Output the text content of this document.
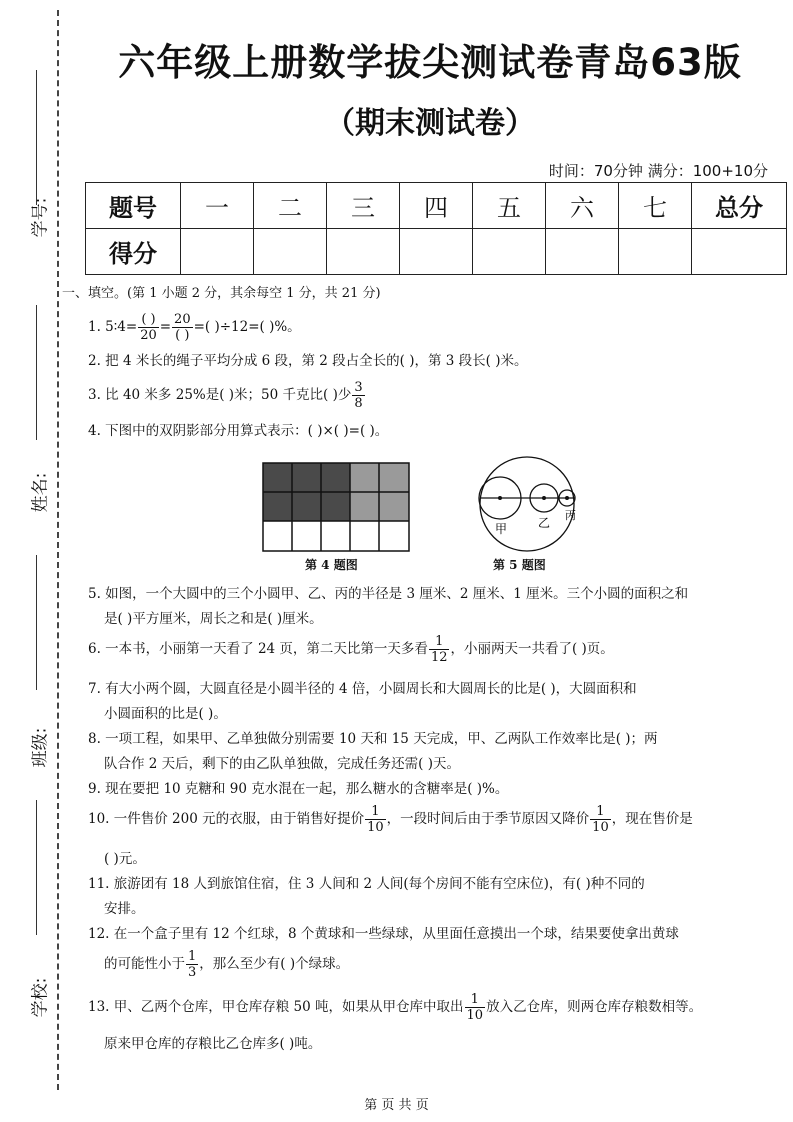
学号:
姓名:
班级:
学校:
六年级上册数学拔尖测试卷青岛63版
（期末测试卷）
时间：70分钟 满分：100+10分
题号	一	二	三	四	五	六	七	总分
得分								
一、填空。(第 1 小题 2 分，其余每空 1 分，共 21 分)
1. 5∶4= $\frac{( )}{20} = \frac{20}{( )}$ =( )÷12=( )%。
2. 把 4 米长的绳子平均分成 6 段，第 2 段占全长的( )，第 3 段长( )米。
3. 比 40 米多 25%是( )米；50 千克比( )少 $\frac{3}{8}$
4. 下图中的双阴影部分用算式表示：( )×( )=( )。
第 4 题图
甲	乙
丙
第 5 题图
5. 如图，一个大圆中的三个小圆甲、乙、丙的半径是 3 厘米、2 厘米、1 厘米。三个小圆的面积之和
是( )平方厘米，周长之和是( )厘米。
6. 一本书，小丽第一天看了 24 页，第二天比第一天多看 $\frac{1}{12}$ ，小丽两天一共看了( )页。
7. 有大小两个圆，大圆直径是小圆半径的 4 倍，小圆周长和大圆周长的比是( )，大圆面积和
小圆面积的比是( )。
8. 一项工程，如果甲、乙单独做分别需要 10 天和 15 天完成，甲、乙两队工作效率比是( )；两
队合作 2 天后，剩下的由乙队单独做，完成任务还需( )天。
9. 现在要把 10 克糖和 90 克水混在一起，那么糖水的含糖率是( )%。
10. 一件售价 200 元的衣服，由于销售好提价 $\frac{1}{10}$ ，一段时间后由于季节原因又降价 $\frac{1}{10}$ ，现在售价是
( )元。
11. 旅游团有 18 人到旅馆住宿，住 3 人间和 2 人间(每个房间不能有空床位)，有( )种不同的
安排。
12. 在一个盒子里有 12 个红球，8 个黄球和一些绿球，从里面任意摸出一个球，结果要使拿出黄球
的可能性小于 $\frac{1}{3}$ ，那么至少有( )个绿球。
13. 甲、乙两个仓库，甲仓库存粮 50 吨，如果从甲仓库中取出 $\frac{1}{10}$ 放入乙仓库，则两仓库存粮数相等。
原来甲仓库的存粮比乙仓库多( )吨。
第 页 共 页
